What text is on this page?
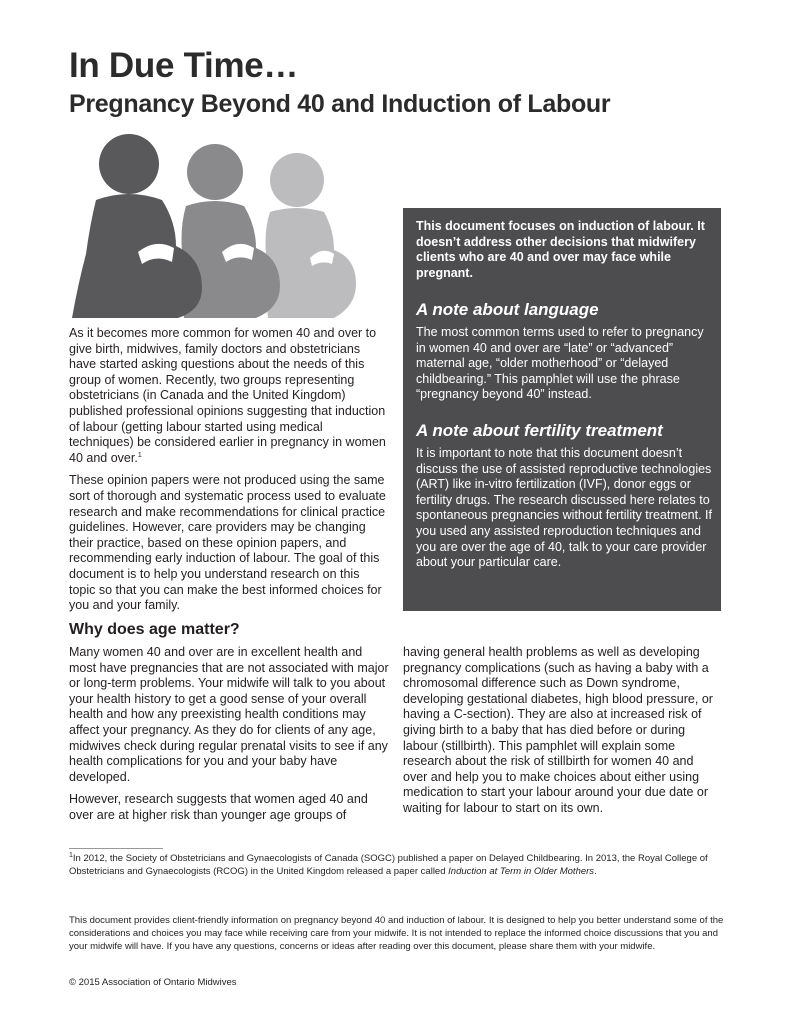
In Due Time…
Pregnancy Beyond 40 and Induction of Labour

As it becomes more common for women 40 and over to give birth, midwives, family doctors and obstetricians have started asking questions about the needs of this group of women. Recently, two groups representing obstetricians (in Canada and the United Kingdom) published professional opinions suggesting that induction of labour (getting labour started using medical techniques) be considered earlier in pregnancy in women 40 and over.$^1$

These opinion papers were not produced using the same sort of thorough and systematic process used to evaluate research and make recommendations for clinical practice guidelines. However, care providers may be changing their practice, based on these opinion papers, and recommending early induction of labour. The goal of this document is to help you understand research on this topic so that you can make the best informed choices for you and your family.

This document focuses on induction of labour. It doesn’t address other decisions that midwifery clients who are 40 and over may face while pregnant.
A note about language
The most common terms used to refer to pregnancy in women 40 and over are “late” or “advanced” maternal age, “older motherhood” or “delayed childbearing.” This pamphlet will use the phrase “pregnancy beyond 40” instead.
A note about fertility treatment
It is important to note that this document doesn’t discuss the use of assisted reproductive technologies (ART) like in-vitro fertilization (IVF), donor eggs or fertility drugs. The research discussed here relates to spontaneous pregnancies without fertility treatment. If you used any assisted reproduction techniques and you are over the age of 40, talk to your care provider about your particular care.
Why does age matter?

Many women 40 and over are in excellent health and most have pregnancies that are not associated with major or long-term problems. Your midwife will talk to you about your health history to get a good sense of your overall health and how any preexisting health conditions may affect your pregnancy. As they do for clients of any age, midwives check during regular prenatal visits to see if any health complications for you and your baby have developed.

However, research suggests that women aged 40 and over are at higher risk than younger age groups of

having general health problems as well as developing pregnancy complications (such as having a baby with a chromosomal difference such as Down syndrome, developing gestational diabetes, high blood pressure, or having a C-section). They are also at increased risk of giving birth to a baby that has died before or during labour (stillbirth). This pamphlet will explain some research about the risk of stillbirth for women 40 and over and help you to make choices about either using medication to start your labour around your due date or waiting for labour to start on its own.

$^1$In 2012, the Society of Obstetricians and Gynaecologists of Canada (SOGC) published a paper on Delayed Childbearing. In 2013, the Royal College of Obstetricians and Gynaecologists (RCOG) in the United Kingdom released a paper called Induction at Term in Older Mothers.
This document provides client-friendly information on pregnancy beyond 40 and induction of labour. It is designed to help you better understand some of the considerations and choices you may face while receiving care from your midwife. It is not intended to replace the informed choice discussions that you and your midwife will have. If you have any questions, concerns or ideas after reading over this document, please share them with your midwife.
© 2015 Association of Ontario Midwives
